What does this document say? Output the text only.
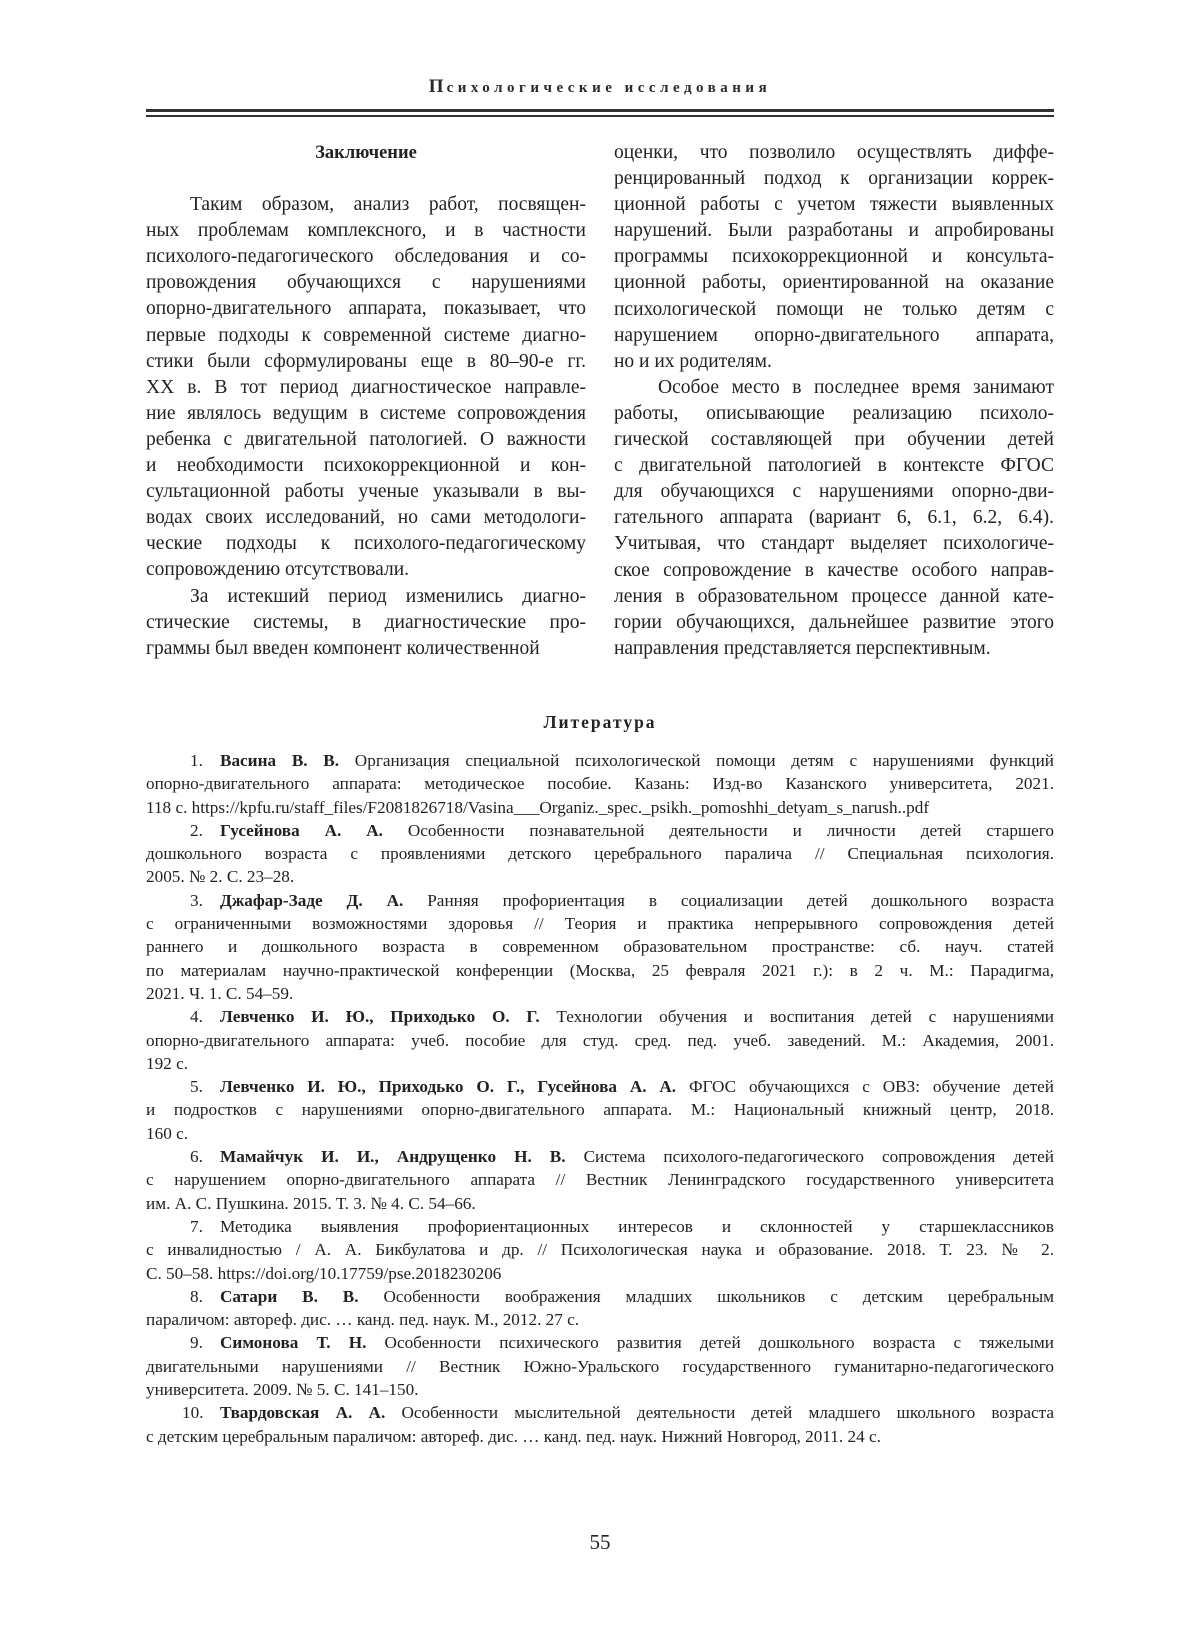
Психологические исследования

Заключение

Таким образом, анализ работ, посвящен-
ных проблемам комплексного, и в частности
психолого-педагогического обследования и со-
провождения обучающихся с нарушениями
опорно-двигательного аппарата, показывает, что
первые подходы к современной системе диагно-
стики были сформулированы еще в 80–90-е гг.
XX в. В тот период диагностическое направле-
ние являлось ведущим в системе сопровождения
ребенка с двигательной патологией. О важности
и необходимости психокоррекционной и кон-
сультационной работы ученые указывали в вы-
водах своих исследований, но сами методологи-
ческие подходы к психолого-педагогическому
сопровождению отсутствовали.
За истекший период изменились диагно-
стические системы, в диагностические про-
граммы был введен компонент количественной
оценки, что позволило осуществлять диффе-
ренцированный подход к организации коррек-
ционной работы с учетом тяжести выявленных
нарушений. Были разработаны и апробированы
программы психокоррекционной и консульта-
ционной работы, ориентированной на оказание
психологической помощи не только детям с
нарушением опорно-двигательного аппарата,
но и их родителям.
Особое место в последнее время занимают
работы, описывающие реализацию психоло-
гической составляющей при обучении детей
с двигательной патологией в контексте ФГОС
для обучающихся с нарушениями опорно-дви-
гательного аппарата (вариант 6, 6.1, 6.2, 6.4).
Учитывая, что стандарт выделяет психологиче-
ское сопровождение в качестве особого направ-
ления в образовательном процессе данной кате-
гории обучающихся, дальнейшее развитие этого
направления представляется перспективным.
Литература
1. Васина В. В. Организация специальной психологической помощи детям с нарушениями функций
опорно-двигательного аппарата: методическое пособие. Казань: Изд-во Казанского университета, 2021.
118 с. https://kpfu.ru/staff_files/F2081826718/Vasina___Organiz._spec._psikh._pomoshhi_detyam_s_narush..pdf
2. Гусейнова А. А. Особенности познавательной деятельности и личности детей старшего
дошкольного возраста с проявлениями детского церебрального паралича // Специальная психология.
2005. № 2. С. 23–28.
3. Джафар-Заде Д. А. Ранняя профориентация в социализации детей дошкольного возраста
с ограниченными возможностями здоровья // Теория и практика непрерывного сопровождения детей
раннего и дошкольного возраста в современном образовательном пространстве: сб. науч. статей
по материалам научно-практической конференции (Москва, 25 февраля 2021 г.): в 2 ч. М.: Парадигма,
2021. Ч. 1. С. 54–59.
4. Левченко И. Ю., Приходько О. Г. Технологии обучения и воспитания детей с нарушениями
опорно-двигательного аппарата: учеб. пособие для студ. сред. пед. учеб. заведений. М.: Академия, 2001.
192 с.
5. Левченко И. Ю., Приходько О. Г., Гусейнова А. А. ФГОС обучающихся с ОВЗ: обучение детей
и подростков с нарушениями опорно-двигательного аппарата. М.: Национальный книжный центр, 2018.
160 с.
6. Мамайчук И. И., Андрущенко Н. В. Система психолого-педагогического сопровождения детей
с нарушением опорно-двигательного аппарата // Вестник Ленинградского государственного университета
им. А. С. Пушкина. 2015. Т. 3. № 4. С. 54–66.
7. Методика выявления профориентационных интересов и склонностей у старшеклассников
с инвалидностью / А. А. Бикбулатова и др. // Психологическая наука и образование. 2018. Т. 23. № 2.
С. 50–58. https://doi.org/10.17759/pse.2018230206
8. Сатари В. В. Особенности воображения младших школьников с детским церебральным
параличом: автореф. дис. … канд. пед. наук. М., 2012. 27 с.
9. Симонова Т. Н. Особенности психического развития детей дошкольного возраста с тяжелыми
двигательными нарушениями // Вестник Южно-Уральского государственного гуманитарно-педагогического
университета. 2009. № 5. С. 141–150.
10. Твардовская А. А. Особенности мыслительной деятельности детей младшего школьного возраста
с детским церебральным параличом: автореф. дис. … канд. пед. наук. Нижний Новгород, 2011. 24 с.
55
